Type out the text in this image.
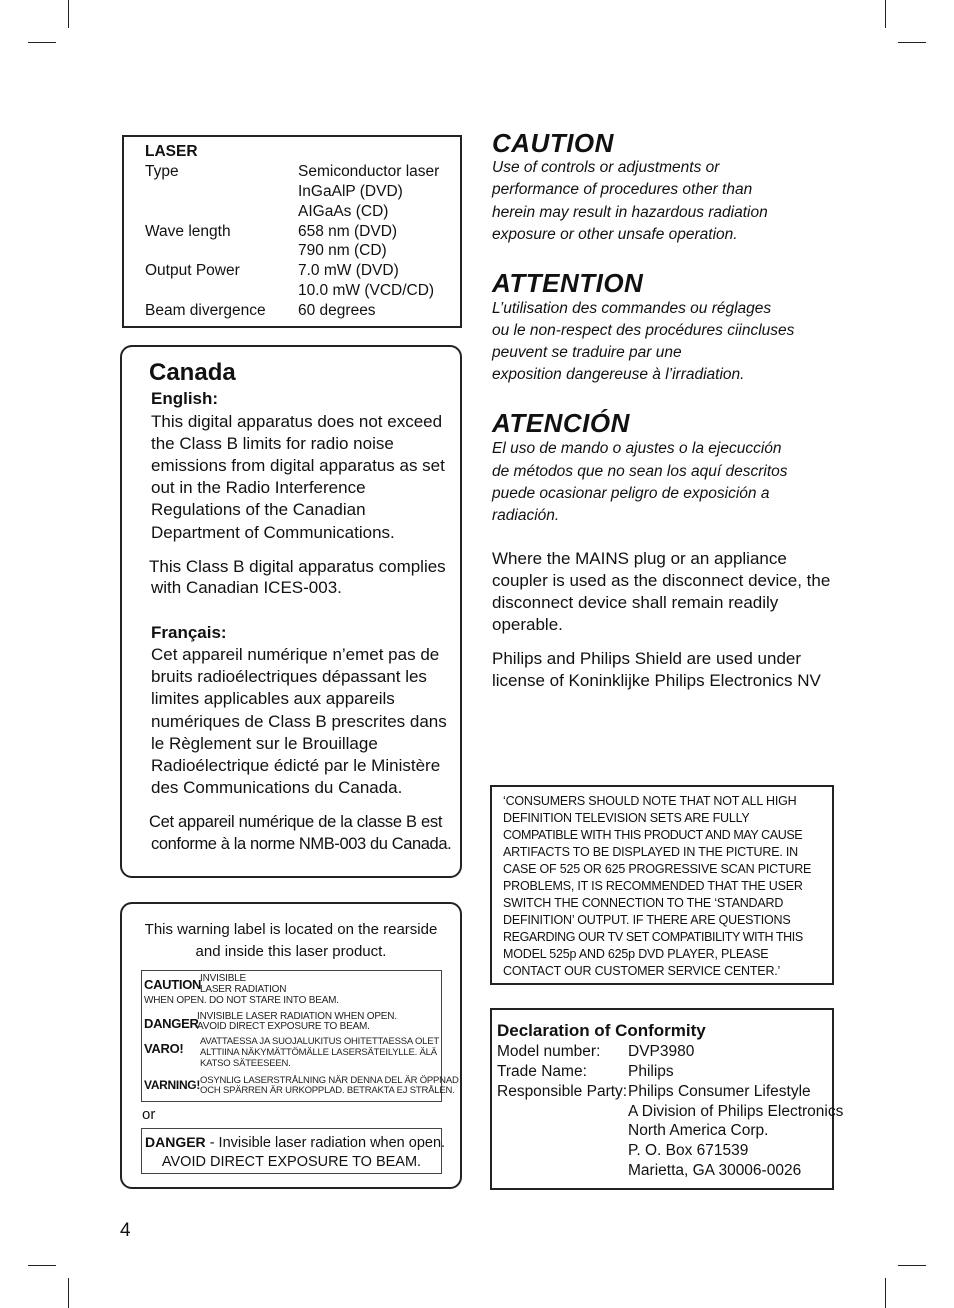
LASER
Type	Semiconductor laser
InGaAlP (DVD)
AIGaAs (CD)
Wave length	658 nm (DVD)
790 nm (CD)
Output Power	7.0 mW (DVD)
10.0 mW (VCD/CD)
Beam divergence 60 degrees
Canada
English:
This digital apparatus does not exceed
the Class B limits for radio noise
emissions from digital apparatus as set
out in the Radio Interference
Regulations of the Canadian
Department of Communications.
This Class B digital apparatus complies
with Canadian ICES-003.
Français:
Cet appareil numérique n’emet pas de
bruits radioélectriques dépassant les
limites applicables aux appareils
numériques de Class B prescrites dans
le Règlement sur le Brouillage
Radioélectrique édicté par le Ministère
des Communications du Canada.
Cet appareil numérique de la classe B est
conforme à la norme NMB-003 du Canada.
This warning label is located on the rearside
and inside this laser product.
CAUTION
INVISIBLE
LASER RADIATION
WHEN OPEN. DO NOT STARE INTO BEAM.
DANGER
INVISIBLE LASER RADIATION WHEN OPEN.
AVOID DIRECT EXPOSURE TO BEAM.
VARO! AVATTAESSA JA SUOJALUKITUS OHITETTAESSA OLET
ALTTIINA NÄKYMÄTTÖMÄLLE LASERSÄTEILYLLE. ÄLÄ
KATSO SÄTEESEEN.
VARNING! OSYNLIG LASERSTRÅLNING NÄR DENNA DEL ÄR ÖPPNAD
OCH SPÄRREN ÄR URKOPPLAD. BETRAKTA EJ STRÅLEN.
or
DANGER - Invisible laser radiation when open.
AVOID DIRECT EXPOSURE TO BEAM.
CAUTION
Use of controls or adjustments or
performance of procedures other than
herein may result in hazardous radiation
exposure or other unsafe operation.
ATTENTION
L’utilisation des commandes ou réglages
ou le non-respect des procédures ciincluses
peuvent se traduire par une
exposition dangereuse à l’irradiation.
ATENCIÓN
El uso de mando o ajustes o la ejecucción
de métodos que no sean los aquí descritos
puede ocasionar peligro de exposición a
radiación.
Where the MAINS plug or an appliance
coupler is used as the disconnect device, the
disconnect device shall remain readily
operable.
Philips and Philips Shield are used under
license of Koninklijke Philips Electronics NV
‘CONSUMERS SHOULD NOTE THAT NOT ALL HIGH
DEFINITION TELEVISION SETS ARE FULLY
COMPATIBLE WITH THIS PRODUCT AND MAY CAUSE
ARTIFACTS TO BE DISPLAYED IN THE PICTURE. IN
CASE OF 525 OR 625 PROGRESSIVE SCAN PICTURE
PROBLEMS, IT IS RECOMMENDED THAT THE USER
SWITCH THE CONNECTION TO THE ‘STANDARD
DEFINITION’ OUTPUT. IF THERE ARE QUESTIONS
REGARDING OUR TV SET COMPATIBILITY WITH THIS
MODEL 525p AND 625p DVD PLAYER, PLEASE
CONTACT OUR CUSTOMER SERVICE CENTER.’
Declaration of Conformity
Model number: DVP3980
Trade Name:	Philips
Responsible Party: Philips Consumer Lifestyle
A Division of Philips Electronics
North America Corp.
P. O. Box 671539
Marietta, GA 30006-0026
4
